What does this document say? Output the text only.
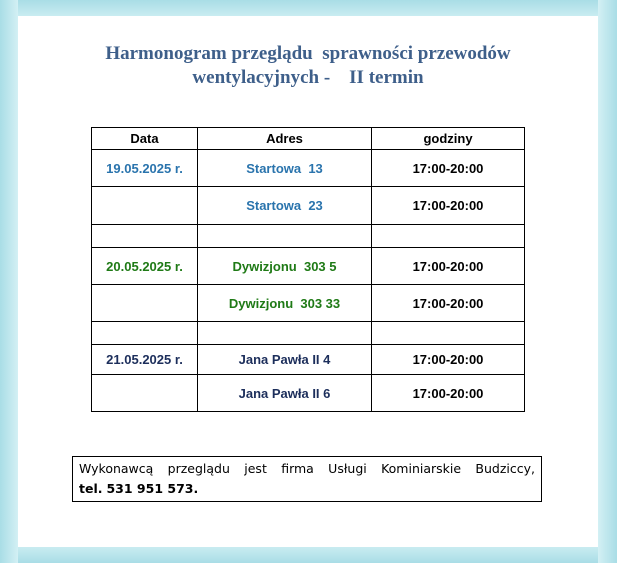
Harmonogram przeglądu  sprawności przewodów
wentylacyjnych -    II termin
Data	Adres	godziny
19.05.2025 r.	Startowa  13	17:00-20:00
	Startowa  23	17:00-20:00

20.05.2025 r.	Dywizjonu  303 5	17:00-20:00
	Dywizjonu  303 33	17:00-20:00

21.05.2025 r.	Jana Pawła II 4	17:00-20:00
	Jana Pawła II 6	17:00-20:00
Wykonawcą przeglądu jest firma Usługi Kominiarskie Budziccy,
tel. 531 951 573.
